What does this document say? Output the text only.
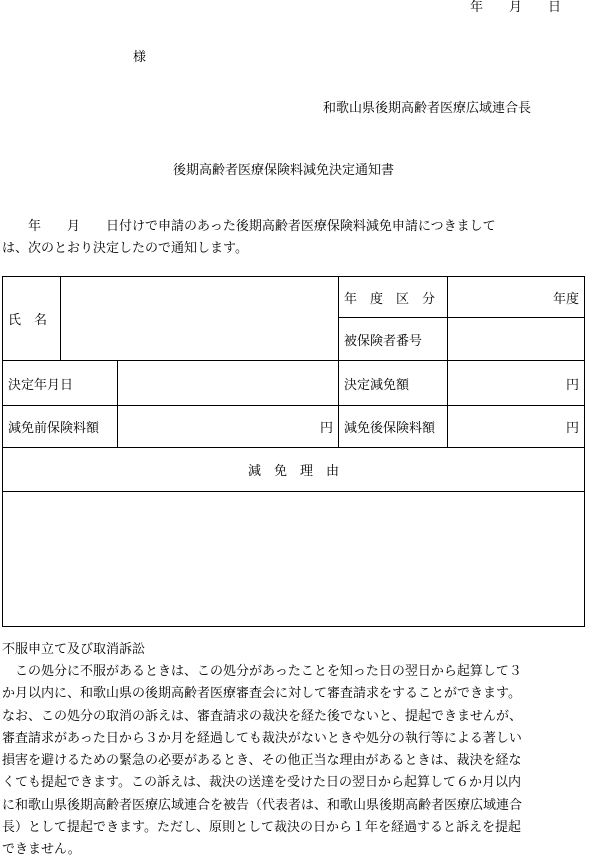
年　　月　　日
様
和歌山県後期高齢者医療広域連合長
後期高齢者医療保険料減免決定通知書

　　年　　月　　日付けで申請のあった後期高齢者医療保険料減免申請につきまして

は、次のとおり決定したので通知します。

氏　名			年　度　区　分	年度
			被保険者番号	
決定年月日			決定減免額	円
減免前保険料額		円	減免後保険料額	円
減　免　理　由				

不服申立て及び取消訴訟

　この処分に不服があるときは、この処分があったことを知った日の翌日から起算して３

か月以内に、和歌山県の後期高齢者医療審査会に対して審査請求をすることができます。

なお、この処分の取消の訴えは、審査請求の裁決を経た後でないと、提起できませんが、

審査請求があった日から３か月を経過しても裁決がないときや処分の執行等による著しい

損害を避けるための緊急の必要があるとき、その他正当な理由があるときは、裁決を経な

くても提起できます。この訴えは、裁決の送達を受けた日の翌日から起算して６か月以内

に和歌山県後期高齢者医療広域連合を被告（代表者は、和歌山県後期高齢者医療広域連合

長）として提起できます。ただし、原則として裁決の日から１年を経過すると訴えを提起

できません。
